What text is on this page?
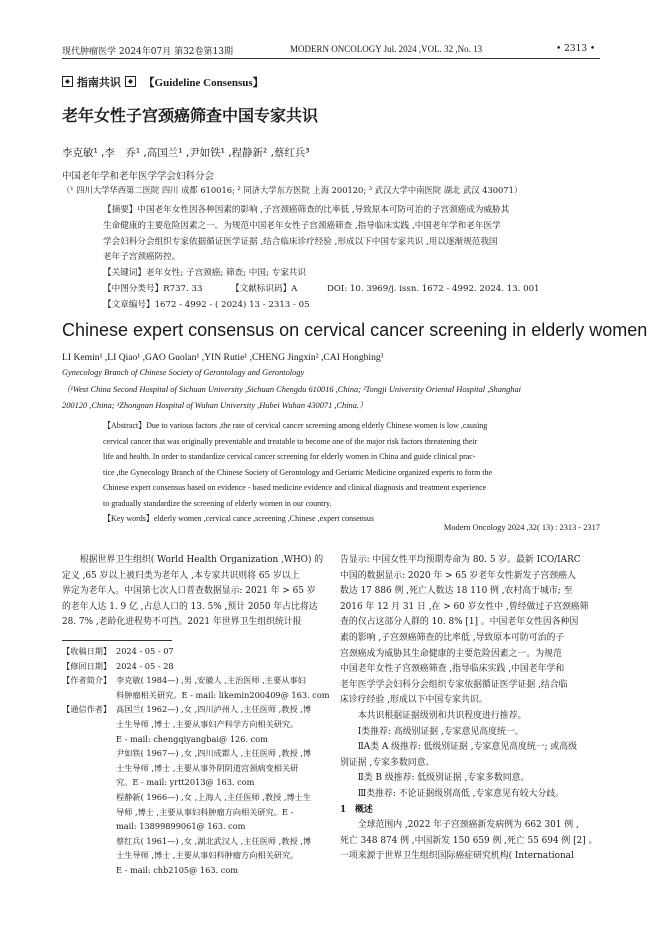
现代肿瘤医学 2024年07月 第32卷第13期	MODERN ONCOLOGY Jul. 2024 ,VOL. 32 ,No. 13	• 2313 •
指南共识 【Guideline Consensus】
老年女性子宫颈癌筛查中国专家共识
李克敏¹ ,李　乔¹ ,高国兰¹ ,尹如铁¹ ,程静新² ,蔡红兵³
中国老年学和老年医学学会妇科分会
（¹ 四川大学华西第二医院 四川 成都 610016; ² 同济大学东方医院 上海 200120; ³ 武汉大学中南医院 湖北 武汉 430071）
【摘要】中国老年女性因各种因素的影响 ,子宫颈癌筛查的比率低 ,导致原本可防可治的子宫颈癌成为威胁其
生命健康的主要危险因素之一。为规范中国老年女性子宫颈癌筛查 ,指导临床实践 ,中国老年学和老年医学
学会妇科分会组织专家依据循证医学证据 ,结合临床诊疗经验 ,形成以下中国专家共识 ,用以逐渐规范我国
老年子宫颈癌防控。
【关键词】老年女性; 子宫颈癌; 筛查; 中国; 专家共识
【中图分类号】R737. 33	【文献标识码】A	DOI: 10. 3969/j. issn. 1672 - 4992. 2024. 13. 001
【文章编号】1672 - 4992 - ( 2024) 13 - 2313 - 05
Chinese expert consensus on cervical cancer screening in elderly women
LI Kemin¹ ,LI Qiao¹ ,GAO Guolan¹ ,YIN Rutie¹ ,CHENG Jingxin² ,CAI Hongbing³
Gynecology Branch of Chinese Society of Gerontology and Gerontology
（¹West China Second Hospital of Sichuan University ,Sichuan Chengdu 610016 ,China; ²Tongji University Oriental Hospital ,Shanghai
200120 ,China; ³Zhongnan Hospital of Wuhan University ,Hubei Wuhan 430071 ,China.）
【Abstract】Due to various factors ,the rate of cervical cancer screening among elderly Chinese women is low ,causing
cervical cancer that was originally preventable and treatable to become one of the major risk factors threatening their
life and health. In order to standardize cervical cancer screening for elderly women in China and guide clinical prac-
tice ,the Gynecology Branch of the Chinese Society of Gerontology and Geriatric Medicine organized experts to form the
Chinese expert consensus based on evidence - based medicine evidence and clinical diagnosis and treatment experience
to gradually standardize the screening of elderly women in our country.
【Key words】elderly women ,cervical cance ,screening ,Chinese ,expert consensus
Modern Oncology 2024 ,32( 13) : 2313 - 2317
　　根据世界卫生组织( World Health Organization ,WHO) 的
定义 ,65 岁以上被归类为老年人 ,本专家共识则将 65 岁以上
界定为老年人。中国第七次人口普查数据显示: 2021 年 > 65 岁
的老年人达 1. 9 亿 ,占总人口的 13. 5% ,预计 2050 年占比将达
28. 7% ,老龄化进程势不可挡。2021 年世界卫生组织统计报
【收稿日期】 2024 - 05 - 07
【修回日期】 2024 - 05 - 28
【作者简介】 李克敏( 1984—) ,男 ,安徽人 ,主治医师 ,主要从事妇
科肿瘤相关研究。E - mail: likemin200409@ 163. com
【通信作者】 高国兰( 1962—) ,女 ,四川泸州人 ,主任医师 ,教授 ,博
士生导师 ,博士 ,主要从事妇产科学方向相关研究。
E - mail: chengqiyangbai@ 126. com
尹如铁( 1967—) ,女 ,四川成都人 ,主任医师 ,教授 ,博
士生导师 ,博士 ,主要从事外阴阴道宫颈病变相关研
究。E - mail: yrtt2013@ 163. com
程静新( 1966—) ,女 ,上海人 ,主任医师 ,教授 ,博士生
导师 ,博士 ,主要从事妇科肿瘤方向相关研究。E -
mail: 13899899061@ 163. com
蔡红兵( 1961—) ,女 ,湖北武汉人 ,主任医师 ,教授 ,博
士生导师 ,博士 ,主要从事妇科肿瘤方向相关研究。
E - mail: chb2105@ 163. com
告显示: 中国女性平均预期寿命为 80. 5 岁。最新 ICO/IARC
中国的数据显示: 2020 年 > 65 岁老年女性新发子宫颈癌人
数达 17 886 例 ,死亡人数达 18 110 例 ,农村高于城市; 至
2016 年 12 月 31 日 ,在 > 60 岁女性中 ,曾经做过子宫颈癌筛
查的仅占这部分人群的 10. 8% [1] 。中国老年女性因各种因
素的影响 ,子宫颈癌筛查的比率低 ,导致原本可防可治的子
宫颈癌成为威胁其生命健康的主要危险因素之一。为规范
中国老年女性子宫颈癌筛查 ,指导临床实践 ,中国老年学和
老年医学学会妇科分会组织专家依据循证医学证据 ,结合临
床诊疗经验 ,形成以下中国专家共识。
　　本共识根据证据级别和共识程度进行推荐。
　　Ⅰ类推荐: 高级别证据 ,专家意见高度统一。
　　ⅡA类 A 级推荐: 低级别证据 ,专家意见高度统一; 或高级
别证据 ,专家多数同意。
　　Ⅱ类 B 级推荐: 低级别证据 ,专家多数同意。
　　Ⅲ类推荐: 不论证据级别高低 ,专家意见有较大分歧。
1　概述
　　全球范围内 ,2022 年子宫颈癌新发病例为 662 301 例 ,
死亡 348 874 例 ,中国新发 150 659 例 ,死亡 55 694 例 [2] 。
一项来源于世界卫生组织国际癌症研究机构( International
